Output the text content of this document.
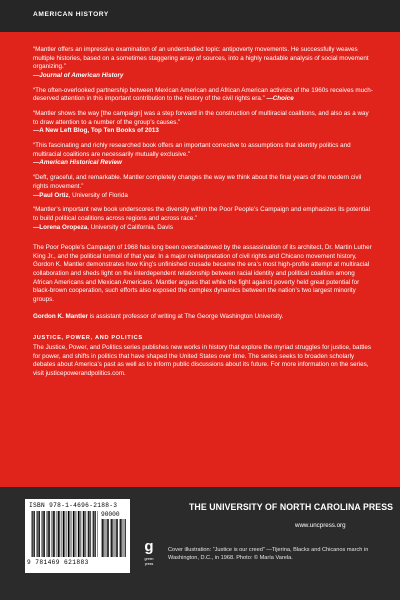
AMERICAN HISTORY
“Mantler offers an impressive examination of an understudied topic: antipoverty movements. He successfully weaves multiple histories, based on a sometimes staggering array of sources, into a highly readable analysis of social movement organizing.”
—Journal of American History
“The often-overlooked partnership between Mexican American and African American activists of the 1960s receives much-deserved attention in this important contribution to the history of the civil rights era.” —Choice
“Mantler shows the way [the campaign] was a step forward in the construction of multiracial coalitions, and also as a way to draw attention to a number of the group’s causes.”
—A New Left Blog, Top Ten Books of 2013
“This fascinating and richly researched book offers an important corrective to assumptions that identity politics and multiracial coalitions are necessarily mutually exclusive.”
—American Historical Review
“Deft, graceful, and remarkable. Mantler completely changes the way we think about the final years of the modern civil rights movement.”
—Paul Ortiz, University of Florida
“Mantler’s important new book underscores the diversity within the Poor People’s Campaign and emphasizes its potential to build political coalitions across regions and across race.”
—Lorena Oropeza, University of California, Davis

The Poor People’s Campaign of 1968 has long been overshadowed by the assassination of its architect, Dr. Martin Luther King Jr., and the political turmoil of that year. In a major reinterpretation of civil rights and Chicano movement history, Gordon K. Mantler demonstrates how King’s unfinished crusade became the era’s most high-profile attempt at multiracial collaboration and sheds light on the interdependent relationship between racial identity and political coalition among African Americans and Mexican Americans. Mantler argues that while the fight against poverty held great potential for black-brown cooperation, such efforts also exposed the complex dynamics between the nation’s two largest minority groups.

Gordon K. Mantler is assistant professor of writing at The George Washington University.

JUSTICE, POWER, AND POLITICS

The Justice, Power, and Politics series publishes new works in history that explore the myriad struggles for justice, battles for power, and shifts in politics that have shaped the United States over time. The series seeks to broaden scholarly debates about America’s past as well as to inform public discussions about its future. For more information on the series, visit justicepowerandpolitics.com.

ISBN 978-1-4696-2188-3
90000
9 781469 621883
g
green
press
THE UNIVERSITY OF NORTH CAROLINA PRESS
www.uncpress.org
Cover illustration: “Justice is our creed” —Tijerina, Blacks and Chicanos march in Washington, D.C., in 1968. Photo: © María Varela.
